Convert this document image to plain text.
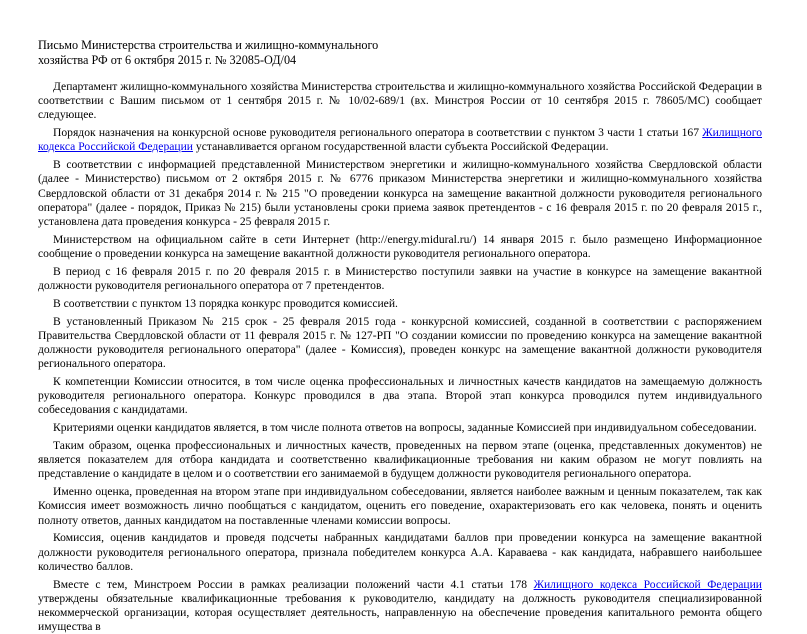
Письмо Министерства строительства и жилищно-коммунального
хозяйства РФ от 6 октября 2015 г. № 32085-ОД/04

Департамент жилищно-коммунального хозяйства Министерства строительства и жилищно-коммунального хозяйства Российской Федерации в соответствии с Вашим письмом от 1 сентября 2015 г. № 10/02-689/1 (вх. Минстроя России от 10 сентября 2015 г. 78605/МС) сообщает следующее.

Порядок назначения на конкурсной основе руководителя регионального оператора в соответствии с пунктом 3 части 1 статьи 167 Жилищного кодекса Российской Федерации устанавливается органом государственной власти субъекта Российской Федерации.

В соответствии с информацией представленной Министерством энергетики и жилищно-коммунального хозяйства Свердловской области (далее - Министерство) письмом от 2 октября 2015 г. № 6776 приказом Министерства энергетики и жилищно-коммунального хозяйства Свердловской области от 31 декабря 2014 г. № 215 "О проведении конкурса на замещение вакантной должности руководителя регионального оператора" (далее - порядок, Приказ № 215) были установлены сроки приема заявок претендентов - с 16 февраля 2015 г. по 20 февраля 2015 г., установлена дата проведения конкурса - 25 февраля 2015 г.

Министерством на официальном сайте в сети Интернет (http://energy.midural.ru/) 14 января 2015 г. было размещено Информационное сообщение о проведении конкурса на замещение вакантной должности руководителя регионального оператора.

В период с 16 февраля 2015 г. по 20 февраля 2015 г. в Министерство поступили заявки на участие в конкурсе на замещение вакантной должности руководителя регионального оператора от 7 претендентов.

В соответствии с пунктом 13 порядка конкурс проводится комиссией.

В установленный Приказом № 215 срок - 25 февраля 2015 года - конкурсной комиссией, созданной в соответствии с распоряжением Правительства Свердловской области от 11 февраля 2015 г. № 127-РП "О создании комиссии по проведению конкурса на замещение вакантной должности руководителя регионального оператора" (далее - Комиссия), проведен конкурс на замещение вакантной должности руководителя регионального оператора.

К компетенции Комиссии относится, в том числе оценка профессиональных и личностных качеств кандидатов на замещаемую должность руководителя регионального оператора. Конкурс проводился в два этапа. Второй этап конкурса проводился путем индивидуального собеседования с кандидатами.

Критериями оценки кандидатов является, в том числе полнота ответов на вопросы, заданные Комиссией при индивидуальном собеседовании.

Таким образом, оценка профессиональных и личностных качеств, проведенных на первом этапе (оценка, представленных документов) не является показателем для отбора кандидата и соответственно квалификационные требования ни каким образом не могут повлиять на представление о кандидате в целом и о соответствии его занимаемой в будущем должности руководителя регионального оператора.

Именно оценка, проведенная на втором этапе при индивидуальном собеседовании, является наиболее важным и ценным показателем, так как Комиссия имеет возможность лично пообщаться с кандидатом, оценить его поведение, охарактеризовать его как человека, понять и оценить полноту ответов, данных кандидатом на поставленные членами комиссии вопросы.

Комиссия, оценив кандидатов и проведя подсчеты набранных кандидатами баллов при проведении конкурса на замещение вакантной должности руководителя регионального оператора, признала победителем конкурса А.А. Караваева - как кандидата, набравшего наибольшее количество баллов.

Вместе с тем, Минстроем России в рамках реализации положений части 4.1 статьи 178 Жилищного кодекса Российской Федерации утверждены обязательные квалификационные требования к руководителю, кандидату на должность руководителя специализированной некоммерческой организации, которая осуществляет деятельность, направленную на обеспечение проведения капитального ремонта общего имущества в
